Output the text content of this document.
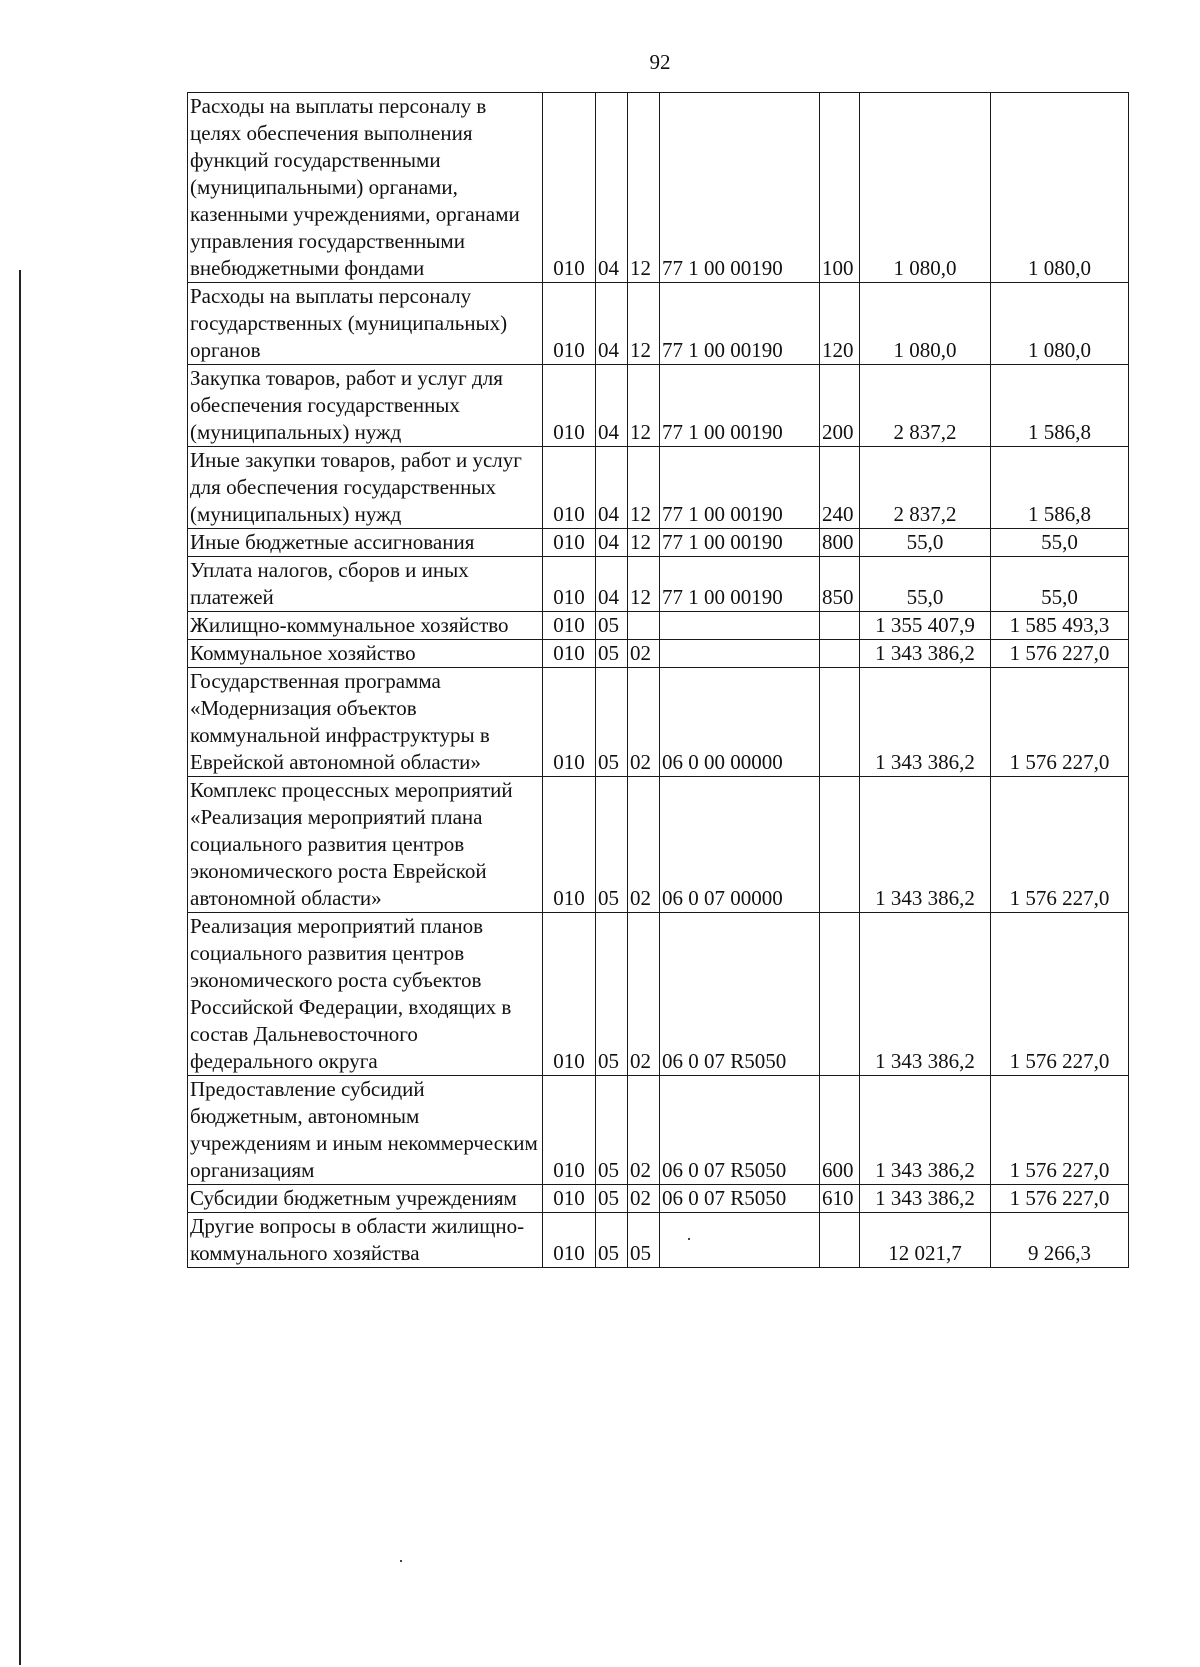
92
Расходы на выплаты персоналу в целях обеспечения выполнения функций государственными (муниципальными) органами, казенными учреждениями, органами управления государственными внебюджетными фондами	010	04	12	77 1 00 00190	100	1 080,0	1 080,0
Расходы на выплаты персоналу государственных (муниципальных) органов	010	04	12	77 1 00 00190	120	1 080,0	1 080,0
Закупка товаров, работ и услуг для обеспечения государственных (муниципальных) нужд	010	04	12	77 1 00 00190	200	2 837,2	1 586,8
Иные закупки товаров, работ и услуг для обеспечения государственных (муниципальных) нужд	010	04	12	77 1 00 00190	240	2 837,2	1 586,8
Иные бюджетные ассигнования	010	04	12	77 1 00 00190	800	55,0	55,0
Уплата налогов, сборов и иных платежей	010	04	12	77 1 00 00190	850	55,0	55,0
Жилищно-коммунальное хозяйство	010	05				1 355 407,9	1 585 493,3
Коммунальное хозяйство	010	05	02			1 343 386,2	1 576 227,0
Государственная программа «Модернизация объектов коммунальной инфраструктуры в Еврейской автономной области»	010	05	02	06 0 00 00000		1 343 386,2	1 576 227,0
Комплекс процессных мероприятий «Реализация мероприятий плана социального развития центров экономического роста Еврейской автономной области»	010	05	02	06 0 07 00000		1 343 386,2	1 576 227,0
Реализация мероприятий планов социального развития центров экономического роста субъектов Российской Федерации, входящих в состав Дальневосточного федерального округа	010	05	02	06 0 07 R5050		1 343 386,2	1 576 227,0
Предоставление субсидий бюджетным, автономным учреждениям и иным некоммерческим организациям	010	05	02	06 0 07 R5050	600	1 343 386,2	1 576 227,0
Субсидии бюджетным учреждениям	010	05	02	06 0 07 R5050	610	1 343 386,2	1 576 227,0
Другие вопросы в области жилищно-коммунального хозяйства	010	05	05			12 021,7	9 266,3
